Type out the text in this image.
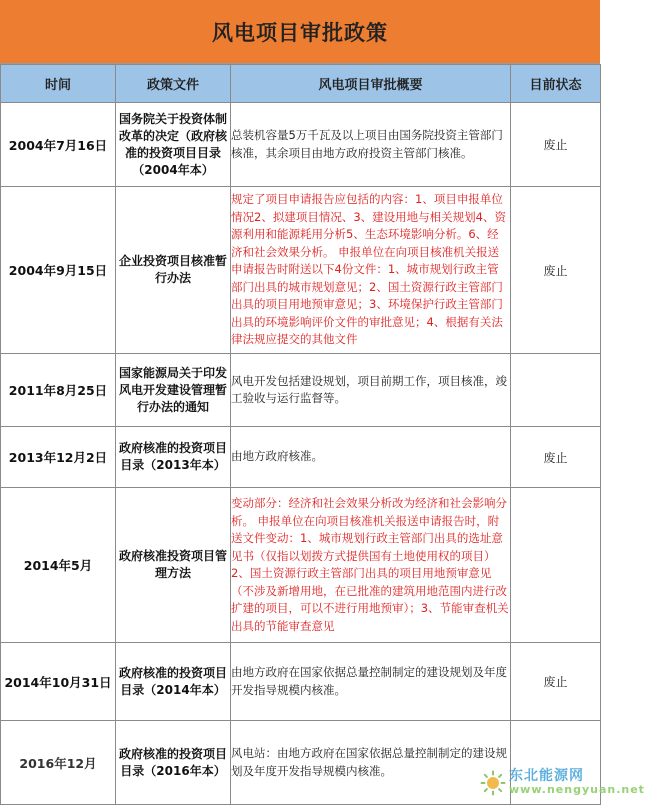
风电项目审批政策
时间	政策文件	风电项目审批概要	目前状态
2004年7月16日	国务院关于投资体制改革的决定（政府核准的投资项目目录（2004年本）	总装机容量5万千瓦及以上项目由国务院投资主管部门核准，其余项目由地方政府投资主管部门核准。	废止
2004年9月15日	企业投资项目核准暂行办法	规定了项目申请报告应包括的内容：1、项目申报单位情况2、拟建项目情况、3、建设用地与相关规划4、资源利用和能源耗用分析5、生态环境影响分析。6、经济和社会效果分析。 申报单位在向项目核准机关报送申请报告时附送以下4份文件：1、城市规划行政主管部门出具的城市规划意见；2、国土资源行政主管部门出具的项目用地预审意见；3、环境保护行政主管部门出具的环境影响评价文件的审批意见；4、根据有关法律法规应提交的其他文件	废止
2011年8月25日	国家能源局关于印发风电开发建设管理暂行办法的通知	风电开发包括建设规划，项目前期工作，项目核准，竣工验收与运行监督等。	
2013年12月2日	政府核准的投资项目目录（2013年本）	由地方政府核准。	废止
2014年5月	政府核准投资项目管理方法	变动部分：经济和社会效果分析改为经济和社会影响分析。 申报单位在向项目核准机关报送申请报告时，附送文件变动：1、城市规划行政主管部门出具的选址意见书（仅指以划拨方式提供国有土地使用权的项目）2、国土资源行政主管部门出具的项目用地预审意见（不涉及新增用地，在已批准的建筑用地范围内进行改扩建的项目，可以不进行用地预审）；3、节能审查机关出具的节能审查意见	
2014年10月31日	政府核准的投资项目目录（2014年本）	由地方政府在国家依据总量控制制定的建设规划及年度开发指导规模内核准。	废止
2016年12月	政府核准的投资项目目录（2016年本）	风电站：由地方政府在国家依据总量控制制定的建设规划及年度开发指导规模内核准。		东北能源网
www.nengyuan.net
